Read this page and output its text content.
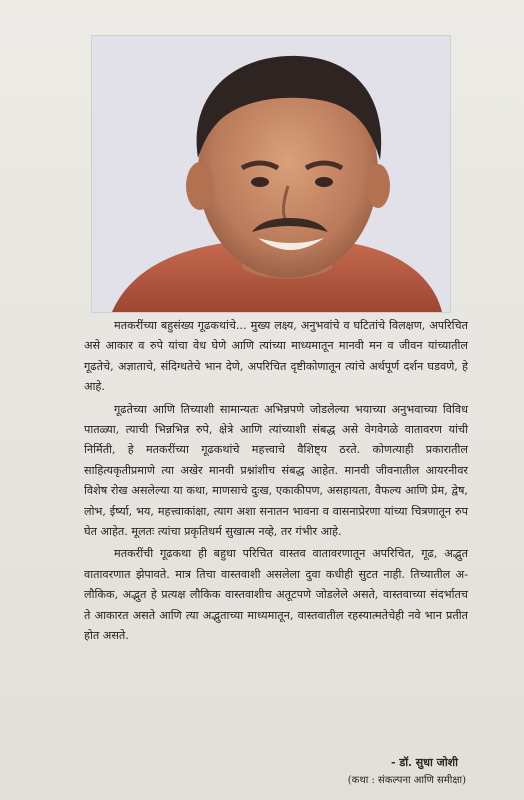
मतकरींच्या बहुसंख्य गूढकथांचे... मुख्य लक्ष्य, अनुभवांचे व घटितांचे विलक्षण, अपरिचित असे आकार व रुपे यांचा वेध घेणे आणि त्यांच्या माध्यमातून मानवी मन व जीवन यांच्यातील गूढतेचे, अज्ञाताचे, संदिग्धतेचे भान देणे, अपरिचित दृष्टीकोणातून त्यांचे अर्थपूर्ण दर्शन घडवणे, हे आहे.

गूढतेच्या आणि तिच्याशी सामान्यतः अभिन्नपणे जोडलेल्या भयाच्या अनुभवाच्या विविध पातळ्या, त्याची भिन्नभिन्न रुपे, क्षेत्रे आणि त्यांच्याशी संबद्ध असे वेगवेगळे वातावरण यांची निर्मिती, हे मतकरींच्या गूढकथांचे महत्त्वाचे वैशिष्ट्य ठरते. कोणत्याही प्रकारातील साहित्यकृतीप्रमाणे त्या अखेर मानवी प्रश्नांशीच संबद्ध आहेत. मानवी जीवनातील आयरनीवर विशेष रोख असलेल्या या कथा, माणसाचे दुःख, एकाकीपण, असहायता, वैफल्य आणि प्रेम, द्वेष, लोभ, ईर्ष्या, भय, महत्त्वाकांक्षा, त्याग अशा सनातन भावना व वासनाप्रेरणा यांच्या चित्रणातून रुप घेत आहेत. मूलतः त्यांचा प्रकृतिधर्म सुखात्म नव्हे, तर गंभीर आहे.

मतकरींची गूढकथा ही बहुधा परिचित वास्तव वातावरणातून अपरिचित, गूढ, अद्भुत वातावरणात झेपावते. मात्र तिचा वास्तवाशी असलेला दुवा कधीही सुटत नाही. तिच्यातील अ-लौकिक, अद्भुत हे प्रत्यक्ष लौकिक वास्तवाशीच अतूटपणे जोडलेले असते, वास्तवाच्या संदर्भातच ते आकारत असते आणि त्या अद्भुताच्या माध्यमातून, वास्तवातील रहस्यात्मतेचेही नवे भान प्रतीत होत असते.

- डॉ. सुधा जोशी
(कथा : संकल्पना आणि समीक्षा)
